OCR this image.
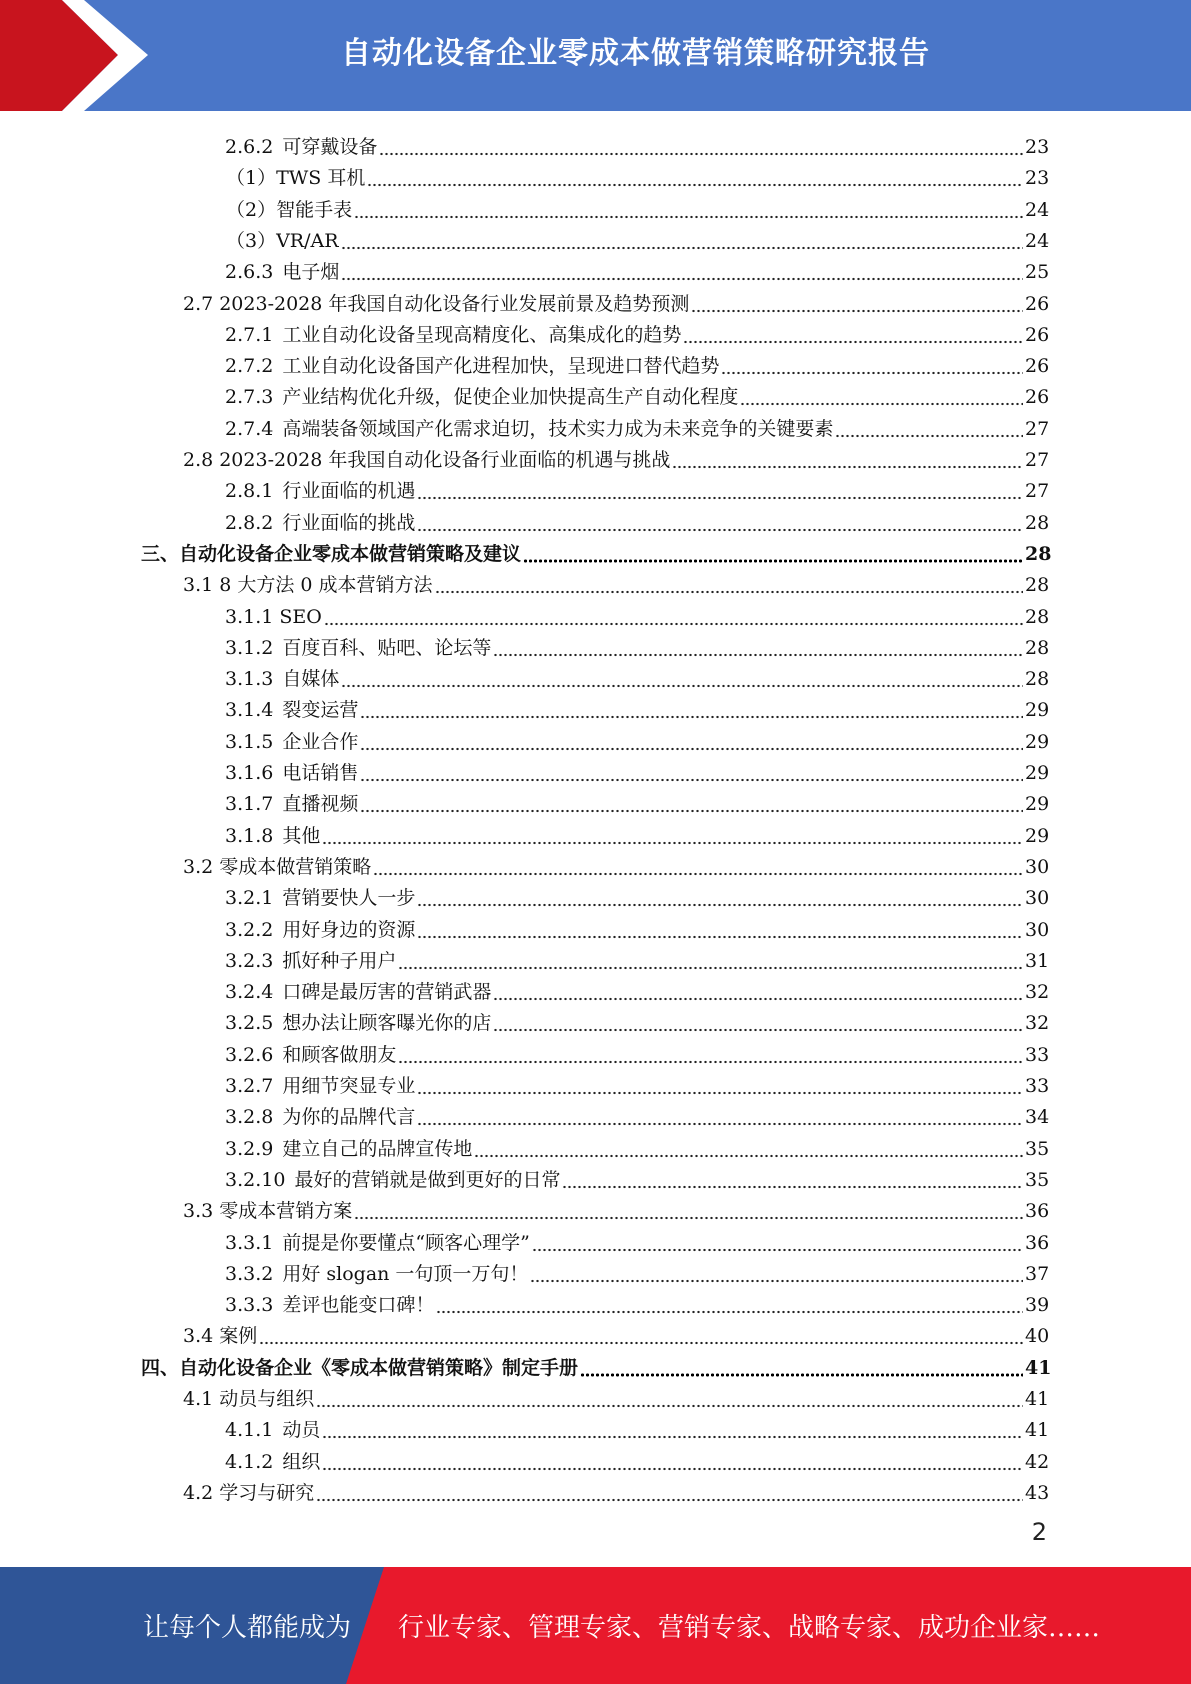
自动化设备企业零成本做营销策略研究报告
2.6.2 可穿戴设备	23
（1）TWS 耳机	23
（2）智能手表	24
（3）VR/AR	24
2.6.3 电子烟	25
2.7 2023-2028 年我国自动化设备行业发展前景及趋势预测	26
2.7.1 工业自动化设备呈现高精度化、高集成化的趋势	26
2.7.2 工业自动化设备国产化进程加快，呈现进口替代趋势	26
2.7.3 产业结构优化升级，促使企业加快提高生产自动化程度	26
2.7.4 高端装备领域国产化需求迫切，技术实力成为未来竞争的关键要素	27
2.8 2023-2028 年我国自动化设备行业面临的机遇与挑战	27
2.8.1 行业面临的机遇	27
2.8.2 行业面临的挑战	28
三、 自动化设备企业零成本做营销策略及建议	28
3.1 8 大方法 0 成本营销方法	28
3.1.1 SEO	28
3.1.2 百度百科、贴吧、论坛等	28
3.1.3 自媒体	28
3.1.4 裂变运营	29
3.1.5 企业合作	29
3.1.6 电话销售	29
3.1.7 直播视频	29
3.1.8 其他	29
3.2 零成本做营销策略	30
3.2.1 营销要快人一步	30
3.2.2 用好身边的资源	30
3.2.3 抓好种子用户	31
3.2.4 口碑是最厉害的营销武器	32
3.2.5 想办法让顾客曝光你的店	32
3.2.6 和顾客做朋友	33
3.2.7 用细节突显专业	33
3.2.8 为你的品牌代言	34
3.2.9 建立自己的品牌宣传地	35
3.2.10 最好的营销就是做到更好的日常	35
3.3 零成本营销方案	36
3.3.1 前提是你要懂点“顾客心理学”	36
3.3.2 用好 slogan 一句顶一万句！	37
3.3.3 差评也能变口碑！	39
3.4 案例	40
四、 自动化设备企业《零成本做营销策略》制定手册	41
4.1 动员与组织	41
4.1.1 动员	41
4.1.2 组织	42
4.2 学习与研究	43
2
让每个人都能成为 行业专家、管理专家、营销专家、战略专家、成功企业家……
